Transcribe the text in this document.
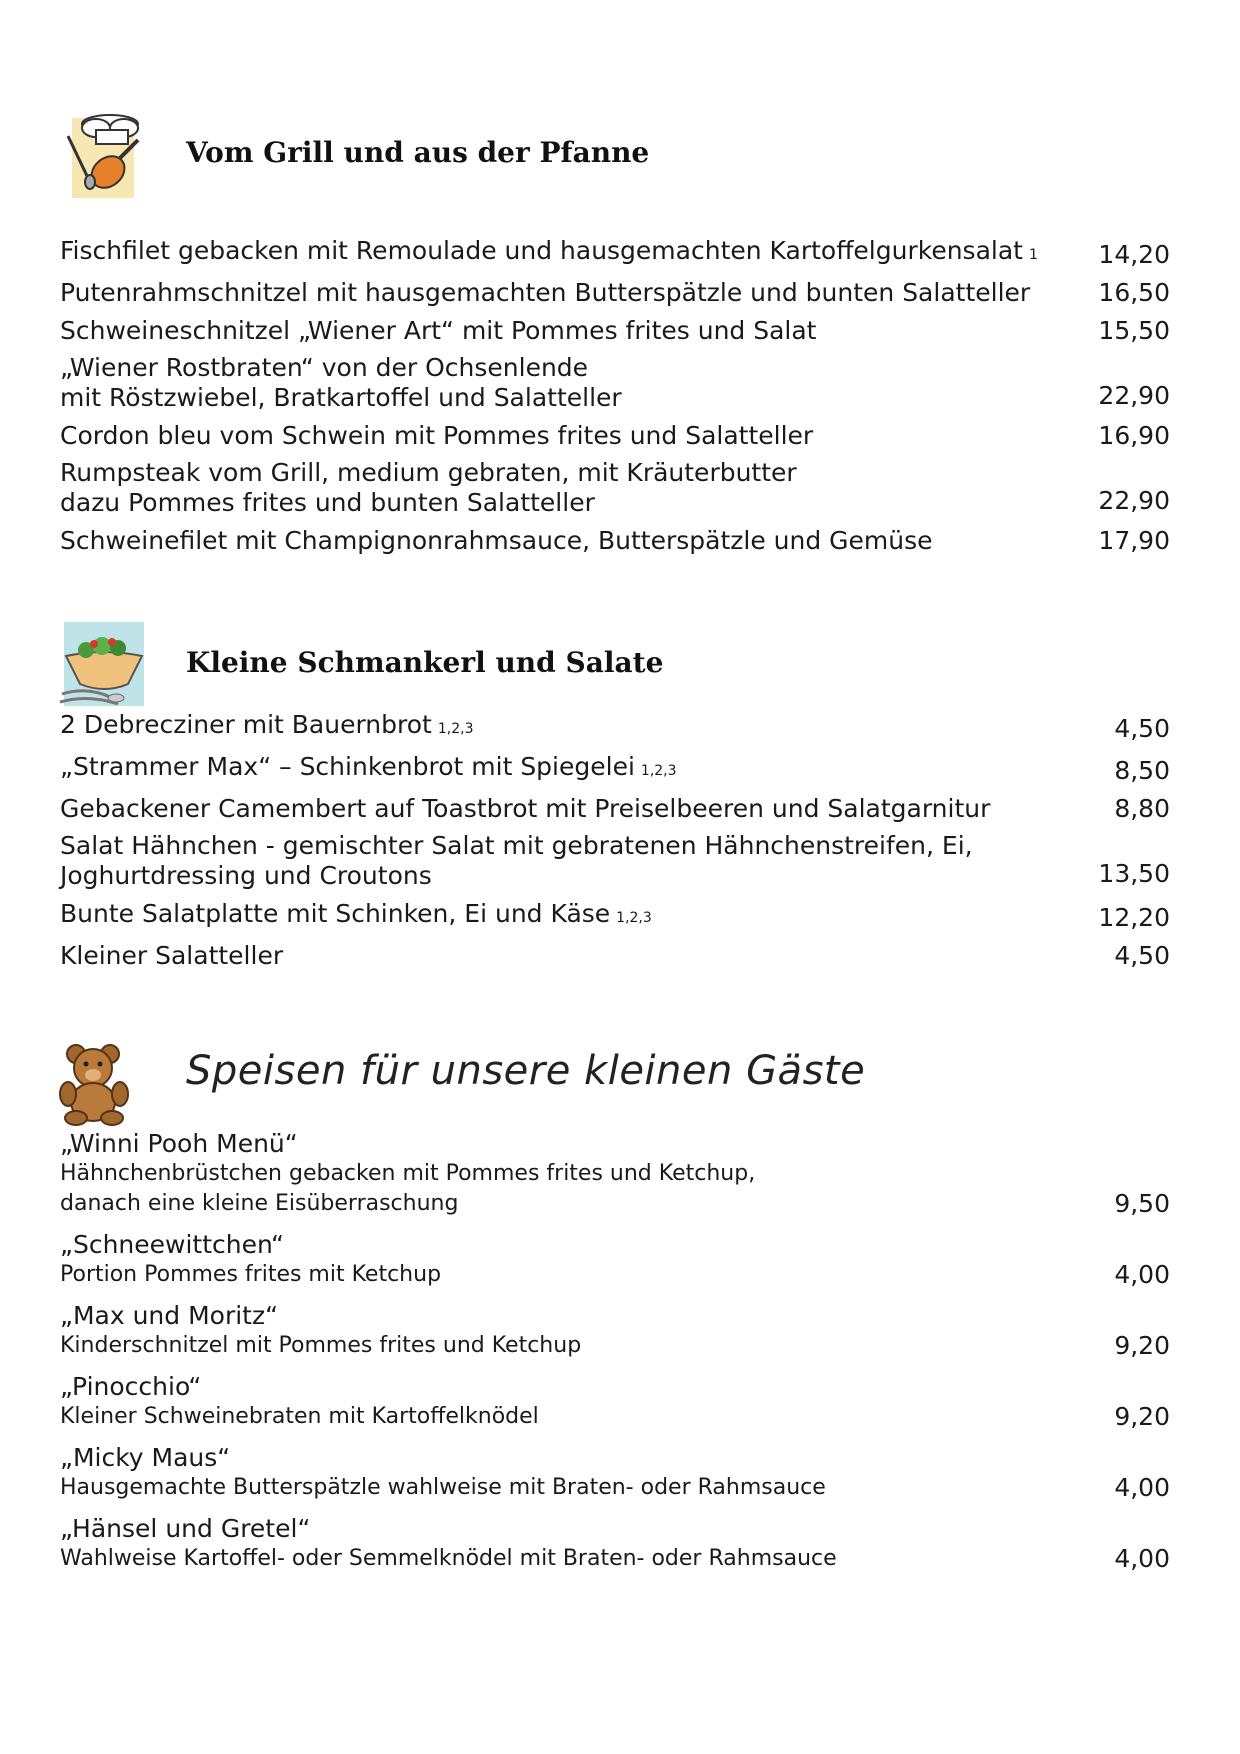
Vom Grill und aus der Pfanne
Fischfilet gebacken mit Remoulade und hausgemachten Kartoffelgurkensalat 1	14,20
Putenrahmschnitzel mit hausgemachten Butterspätzle und bunten Salatteller	16,50
Schweineschnitzel „Wiener Art“ mit Pommes frites und Salat	15,50
„Wiener Rostbraten“ von der Ochsenlende
mit Röstzwiebel, Bratkartoffel und Salatteller	22,90
Cordon bleu vom Schwein mit Pommes frites und Salatteller	16,90
Rumpsteak vom Grill, medium gebraten, mit Kräuterbutter
dazu Pommes frites und bunten Salatteller	22,90
Schweinefilet mit Champignonrahmsauce, Butterspätzle und Gemüse	17,90
Kleine Schmankerl und Salate
2 Debrecziner mit Bauernbrot 1,2,3	4,50
„Strammer Max“ – Schinkenbrot mit Spiegelei 1,2,3	8,50
Gebackener Camembert auf Toastbrot mit Preiselbeeren und Salatgarnitur	8,80
Salat Hähnchen - gemischter Salat mit gebratenen Hähnchenstreifen, Ei,
Joghurtdressing und Croutons	13,50
Bunte Salatplatte mit Schinken, Ei und Käse 1,2,3	12,20
Kleiner Salatteller	4,50
Speisen für unsere kleinen Gäste
„Winni Pooh Menü“
Hähnchenbrüstchen gebacken mit Pommes frites und Ketchup,
danach eine kleine Eisüberraschung	9,50
„Schneewittchen“
Portion Pommes frites mit Ketchup	4,00
„Max und Moritz“
Kinderschnitzel mit Pommes frites und Ketchup	9,20
„Pinocchio“
Kleiner Schweinebraten mit Kartoffelknödel	9,20
„Micky Maus“
Hausgemachte Butterspätzle wahlweise mit Braten- oder Rahmsauce	4,00
„Hänsel und Gretel“
Wahlweise Kartoffel- oder Semmelknödel mit Braten- oder Rahmsauce	4,00
